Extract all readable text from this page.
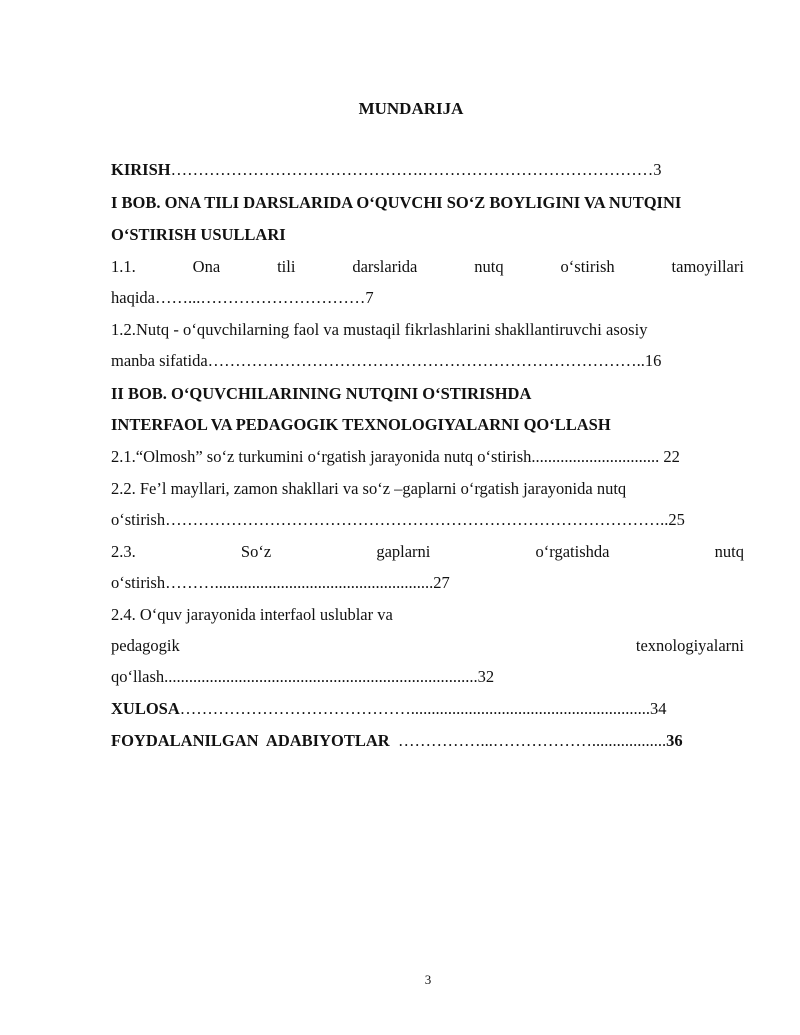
MUNDARIJA
KIRISH……………………………………….……………………………………3
I BOB. ONA TILI DARSLARIDA O‘QUVCHI SO‘Z BOYLIGINI VA NUTQINI
O‘STIRISH USULLARI
1.1.	Ona	tili	darslarida	nutq	o‘stirish	tamoyillari
haqida……...…………………………7
1.2.Nutq - o‘quvchilarning faol va mustaqil fikrlashlarini shakllantiruvchi asosiy
manba sifatida……………………………………………………………………..16
II BOB. O‘QUVCHILARINING NUTQINI O‘STIRISHDA
INTERFAOL VA PEDAGOGIK TEXNOLOGIYALARNI QO‘LLASH
2.1.“Olmosh” so‘z turkumini o‘rgatish jarayonida nutq o‘stirish............................... 22
2.2. Fe’l mayllari, zamon shakllari va so‘z –gaplarni o‘rgatish jarayonida nutq
o‘stirish………………………………………………………………………………..25
2.3.	So‘z	gaplarni	o‘rgatishda	nutq
o‘stirish……….....................................................27
2.4. O‘quv jarayonida interfaol uslublar va
pedagogik	texnologiyalarni
qo‘llash............................................................................32
XULOSA……………………………………..........................................................34
FOYDALANILGAN  ADABIYOTLAR  ……………...………………..................36
3
